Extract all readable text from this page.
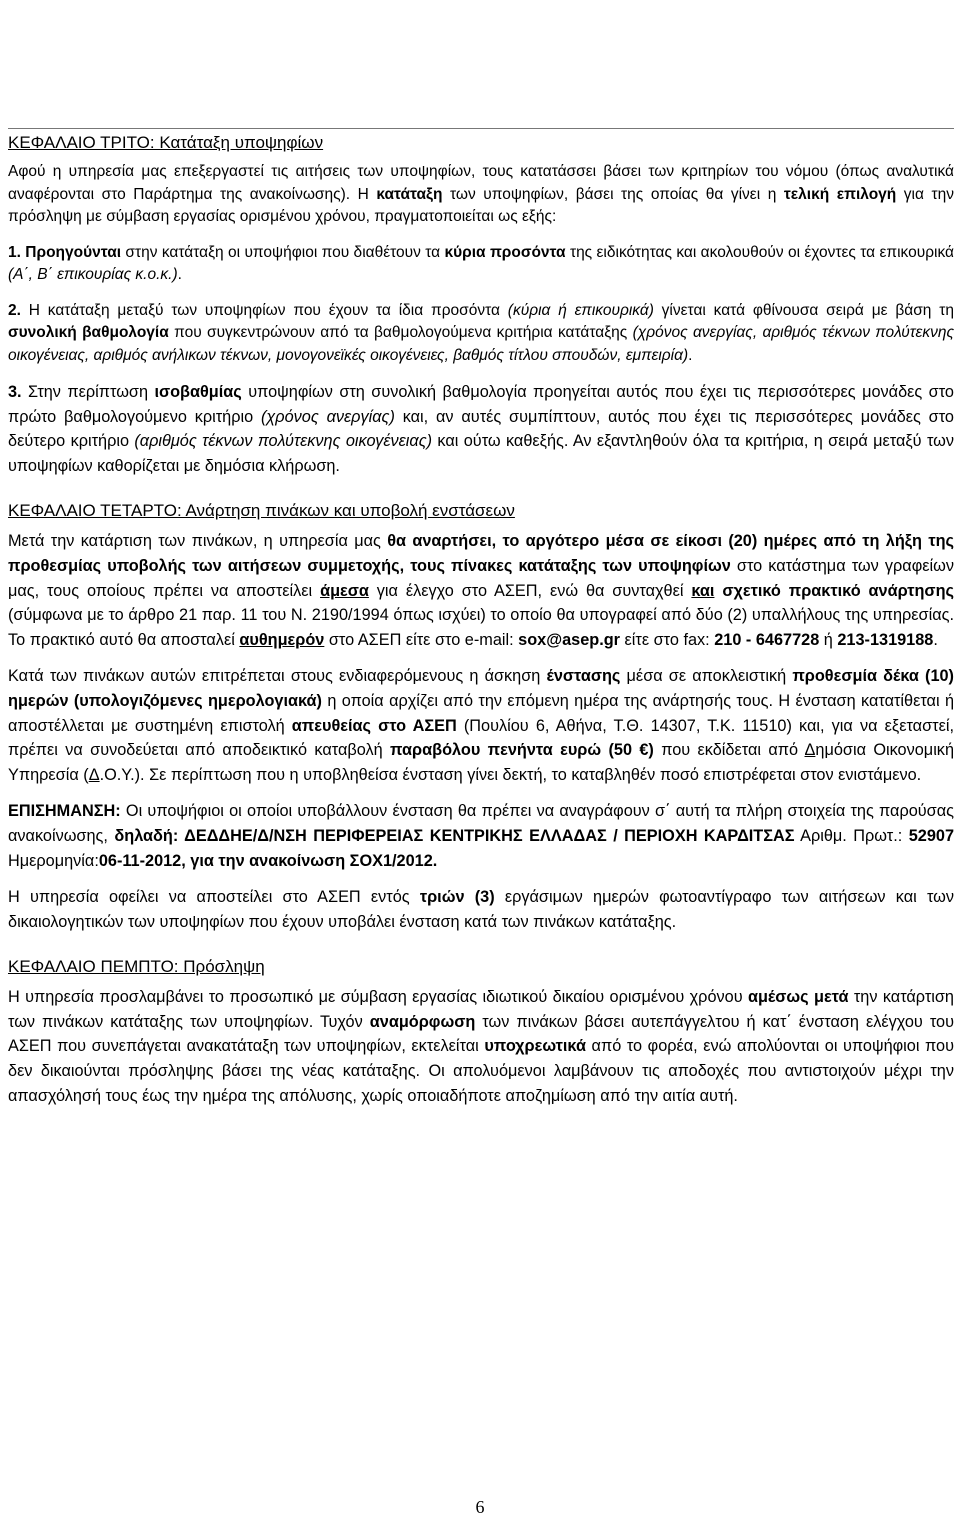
ΚΕΦΑΛΑΙΟ ΤΡΙΤΟ: Κατάταξη υποψηφίων

Αφού η υπηρεσία μας επεξεργαστεί τις αιτήσεις των υποψηφίων, τους κατατάσσει βάσει των κριτηρίων του νόμου (όπως αναλυτικά αναφέρονται στο Παράρτημα της ανακοίνωσης). Η κατάταξη των υποψηφίων, βάσει της οποίας θα γίνει η τελική επιλογή για την πρόσληψη με σύμβαση εργασίας ορισμένου χρόνου, πραγματοποιείται ως εξής:

1. Προηγούνται στην κατάταξη οι υποψήφιοι που διαθέτουν τα κύρια προσόντα της ειδικότητας και ακολουθούν οι έχοντες τα επικουρικά (Α΄, Β΄ επικουρίας κ.ο.κ.).

2. Η κατάταξη μεταξύ των υποψηφίων που έχουν τα ίδια προσόντα (κύρια ή επικουρικά) γίνεται κατά φθίνουσα σειρά με βάση τη συνολική βαθμολογία που συγκεντρώνουν από τα βαθμολογούμενα κριτήρια κατάταξης (χρόνος ανεργίας, αριθμός τέκνων πολύτεκνης οικογένειας, αριθμός ανήλικων τέκνων, μονογονεϊκές οικογένειες, βαθμός τίτλου σπουδών, εμπειρία).

3. Στην περίπτωση ισοβαθμίας υποψηφίων στη συνολική βαθμολογία προηγείται αυτός που έχει τις περισσότερες μονάδες στο πρώτο βαθμολογούμενο κριτήριο (χρόνος ανεργίας) και, αν αυτές συμπίπτουν, αυτός που έχει τις περισσότερες μονάδες στο δεύτερο κριτήριο (αριθμός τέκνων πολύτεκνης οικογένειας) και ούτω καθεξής. Αν εξαντληθούν όλα τα κριτήρια, η σειρά μεταξύ των υποψηφίων καθορίζεται με δημόσια κλήρωση.

ΚΕΦΑΛΑΙΟ ΤΕΤΑΡΤΟ: Ανάρτηση πινάκων και υποβολή ενστάσεων

Μετά την κατάρτιση των πινάκων, η υπηρεσία μας θα αναρτήσει, το αργότερο μέσα σε είκοσι (20) ημέρες από τη λήξη της προθεσμίας υποβολής των αιτήσεων συμμετοχής, τους πίνακες κατάταξης των υποψηφίων στο κατάστημα των γραφείων μας, τους οποίους πρέπει να αποστείλει άμεσα για έλεγχο στο ΑΣΕΠ, ενώ θα συνταχθεί και σχετικό πρακτικό ανάρτησης (σύμφωνα με το άρθρο 21 παρ. 11 του Ν. 2190/1994 όπως ισχύει) το οποίο θα υπογραφεί από δύο (2) υπαλλήλους της υπηρεσίας. Το πρακτικό αυτό θα αποσταλεί αυθημερόν στο ΑΣΕΠ είτε στο e-mail: sox@asep.gr είτε στο fax: 210 - 6467728 ή 213-1319188.

Κατά των πινάκων αυτών επιτρέπεται στους ενδιαφερόμενους η άσκηση ένστασης μέσα σε αποκλειστική προθεσμία δέκα (10) ημερών (υπολογιζόμενες ημερολογιακά) η οποία αρχίζει από την επόμενη ημέρα της ανάρτησής τους. Η ένσταση κατατίθεται ή αποστέλλεται με συστημένη επιστολή απευθείας στο ΑΣΕΠ (Πουλίου 6, Αθήνα, Τ.Θ. 14307, Τ.Κ. 11510) και, για να εξεταστεί, πρέπει να συνοδεύεται από αποδεικτικό καταβολή παραβόλου πενήντα ευρώ (50 €) που εκδίδεται από Δημόσια Οικονομική Υπηρεσία (Δ.Ο.Υ.). Σε περίπτωση που η υποβληθείσα ένσταση γίνει δεκτή, το καταβληθέν ποσό επιστρέφεται στον ενιστάμενο.

ΕΠΙΣΗΜΑΝΣΗ: Οι υποψήφιοι οι οποίοι υποβάλλουν ένσταση θα πρέπει να αναγράφουν σ΄ αυτή τα πλήρη στοιχεία της παρούσας ανακοίνωσης, δηλαδή: ΔΕΔΔΗΕ/Δ/ΝΣΗ ΠΕΡΙΦΕΡΕΙΑΣ ΚΕΝΤΡΙΚΗΣ ΕΛΛΑΔΑΣ / ΠΕΡΙΟΧΗ ΚΑΡΔΙΤΣΑΣ Αριθμ. Πρωτ.: 52907 Ημερομηνία:06-11-2012, για την ανακοίνωση ΣΟΧ1/2012.

Η υπηρεσία οφείλει να αποστείλει στο ΑΣΕΠ εντός τριών (3) εργάσιμων ημερών φωτοαντίγραφο των αιτήσεων και των δικαιολογητικών των υποψηφίων που έχουν υποβάλει ένσταση κατά των πινάκων κατάταξης.

ΚΕΦΑΛΑΙΟ ΠΕΜΠΤΟ: Πρόσληψη

Η υπηρεσία προσλαμβάνει το προσωπικό με σύμβαση εργασίας ιδιωτικού δικαίου ορισμένου χρόνου αμέσως μετά την κατάρτιση των πινάκων κατάταξης των υποψηφίων. Τυχόν αναμόρφωση των πινάκων βάσει αυτεπάγγελτου ή κατ΄ ένσταση ελέγχου του ΑΣΕΠ που συνεπάγεται ανακατάταξη των υποψηφίων, εκτελείται υποχρεωτικά από το φορέα, ενώ απολύονται οι υποψήφιοι που δεν δικαιούνται πρόσληψης βάσει της νέας κατάταξης. Οι απολυόμενοι λαμβάνουν τις αποδοχές που αντιστοιχούν μέχρι την απασχόλησή τους έως την ημέρα της απόλυσης, χωρίς οποιαδήποτε αποζημίωση από την αιτία αυτή.

6
